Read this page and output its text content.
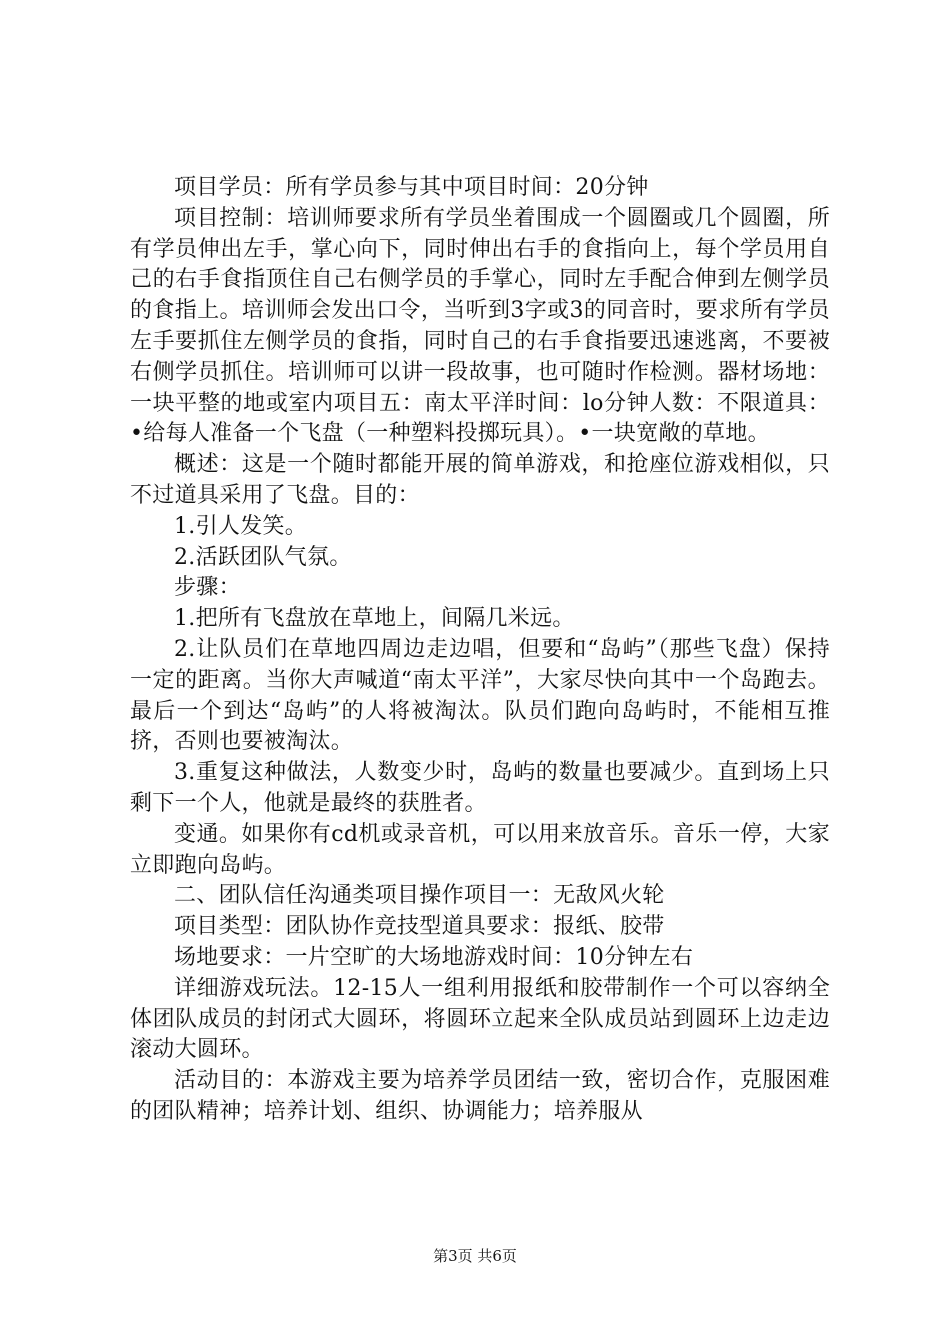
项目学员：所有学员参与其中项目时间：20分钟

项目控制：培训师要求所有学员坐着围成一个圆圈或几个圆圈，所有学员伸出左手，掌心向下，同时伸出右手的食指向上，每个学员用自己的右手食指顶住自己右侧学员的手掌心，同时左手配合伸到左侧学员的食指上。培训师会发出口令，当听到3字或3的同音时，要求所有学员左手要抓住左侧学员的食指，同时自己的右手食指要迅速逃离，不要被右侧学员抓住。培训师可以讲一段故事，也可随时作检测。器材场地：一块平整的地或室内项目五：南太平洋时间：lo分钟人数：不限道具：•给每人准备一个飞盘（一种塑料投掷玩具）。•一块宽敞的草地。

概述：这是一个随时都能开展的简单游戏，和抢座位游戏相似，只不过道具采用了飞盘。目的：

1.引人发笑。

2.活跃团队气氛。

步骤：

1.把所有飞盘放在草地上，间隔几米远。

2.让队员们在草地四周边走边唱，但要和“岛屿”（那些飞盘）保持一定的距离。当你大声喊道“南太平洋”，大家尽快向其中一个岛跑去。最后一个到达“岛屿”的人将被淘汰。队员们跑向岛屿时，不能相互推挤，否则也要被淘汰。

3.重复这种做法，人数变少时，岛屿的数量也要减少。直到场上只剩下一个人，他就是最终的获胜者。

变通。如果你有cd机或录音机，可以用来放音乐。音乐一停，大家立即跑向岛屿。

二、团队信任沟通类项目操作项目一：无敌风火轮

项目类型：团队协作竞技型道具要求：报纸、胶带

场地要求：一片空旷的大场地游戏时间：10分钟左右

详细游戏玩法。12-15人一组利用报纸和胶带制作一个可以容纳全体团队成员的封闭式大圆环，将圆环立起来全队成员站到圆环上边走边滚动大圆环。

活动目的：本游戏主要为培养学员团结一致，密切合作，克服困难的团队精神；培养计划、组织、协调能力；培养服从

第3页 共6页
